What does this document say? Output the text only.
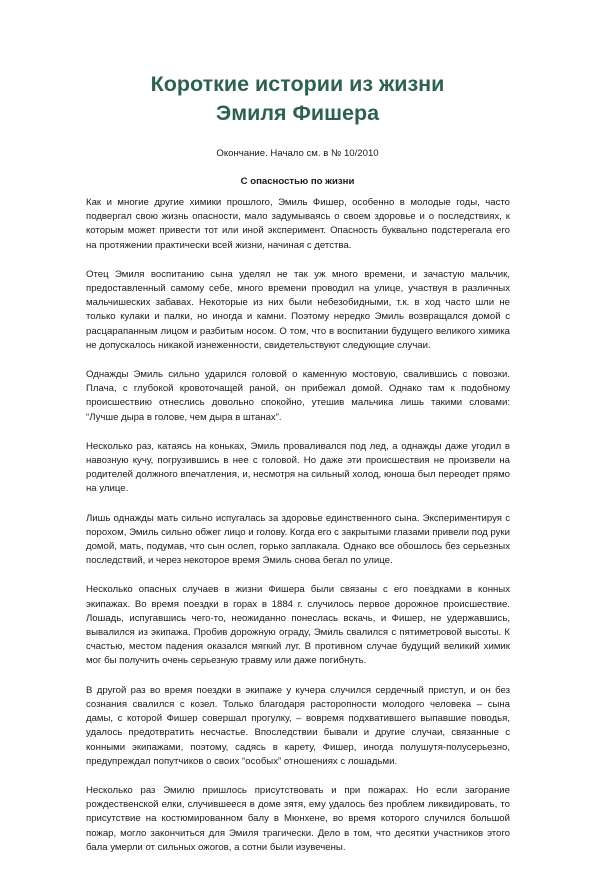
Короткие истории из жизни
Эмиля Фишера
Окончание. Начало см. в № 10/2010
С опасностью по жизни

Как и многие другие химики прошлого, Эмиль Фишер, особенно в молодые годы, часто подвергал свою жизнь опасности, мало задумываясь о своем здоровье и о последствиях, к которым может привести тот или иной эксперимент. Опасность буквально подстерегала его на протяжении практически всей жизни, начиная с детства.

Отец Эмиля воспитанию сына уделял не так уж много времени, и зачастую мальчик, предоставленный самому себе, много времени проводил на улице, участвуя в различных мальчишеских забавах. Некоторые из них были небезобидными, т.к. в ход часто шли не только кулаки и палки, но иногда и камни. Поэтому нередко Эмиль возвращался домой с расцарапанным лицом и разбитым носом. О том, что в воспитании будущего великого химика не допускалось никакой изнеженности, свидетельствуют следующие случаи.

Однажды Эмиль сильно ударился головой о каменную мостовую, свалившись с повозки. Плача, с глубокой кровоточащей раной, он прибежал домой. Однако там к подобному происшествию отнеслись довольно спокойно, утешив мальчика лишь такими словами: “Лучше дыра в голове, чем дыра в штанах”.

Несколько раз, катаясь на коньках, Эмиль проваливался под лед, а однажды даже угодил в навозную кучу, погрузившись в нее с головой. Но даже эти происшествия не произвели на родителей должного впечатления, и, несмотря на сильный холод, юноша был переодет прямо на улице.

Лишь однажды мать сильно испугалась за здоровье единственного сына. Экспериментируя с порохом, Эмиль сильно обжег лицо и голову. Когда его с закрытыми глазами привели под руки домой, мать, подумав, что сын ослеп, горько заплакала. Однако все обошлось без серьезных последствий, и через некоторое время Эмиль снова бегал по улице.

Несколько опасных случаев в жизни Фишера были связаны с его поездками в конных экипажах. Во время поездки в горах в 1884 г. случилось первое дорожное происшествие. Лошадь, испугавшись чего-то, неожиданно понеслась вскачь, и Фишер, не удержавшись, вывалился из экипажа. Пробив дорожную ограду, Эмиль свалился с пятиметровой высоты. К счастью, местом падения оказался мягкий луг. В противном случае будущий великий химик мог бы получить очень серьезную травму или даже погибнуть.

В другой раз во время поездки в экипаже у кучера случился сердечный приступ, и он без сознания свалился с козел. Только благодаря расторопности молодого человека – сына дамы, с которой Фишер совершал прогулку, – вовремя подхватившего выпавшие поводья, удалось предотвратить несчастье. Впоследствии бывали и другие случаи, связанные с конными экипажами, поэтому, садясь в карету, Фишер, иногда полушутя-полусерьезно, предупреждал попутчиков о своих “особых” отношениях с лошадьми.

Несколько раз Эмилю пришлось присутствовать и при пожарах. Но если загорание рождественской елки, случившееся в доме зятя, ему удалось без проблем ликвидировать, то присутствие на костюмированном балу в Мюнхене, во время которого случился большой пожар, могло закончиться для Эмиля трагически. Дело в том, что десятки участников этого бала умерли от сильных ожогов, а сотни были изувечены.
